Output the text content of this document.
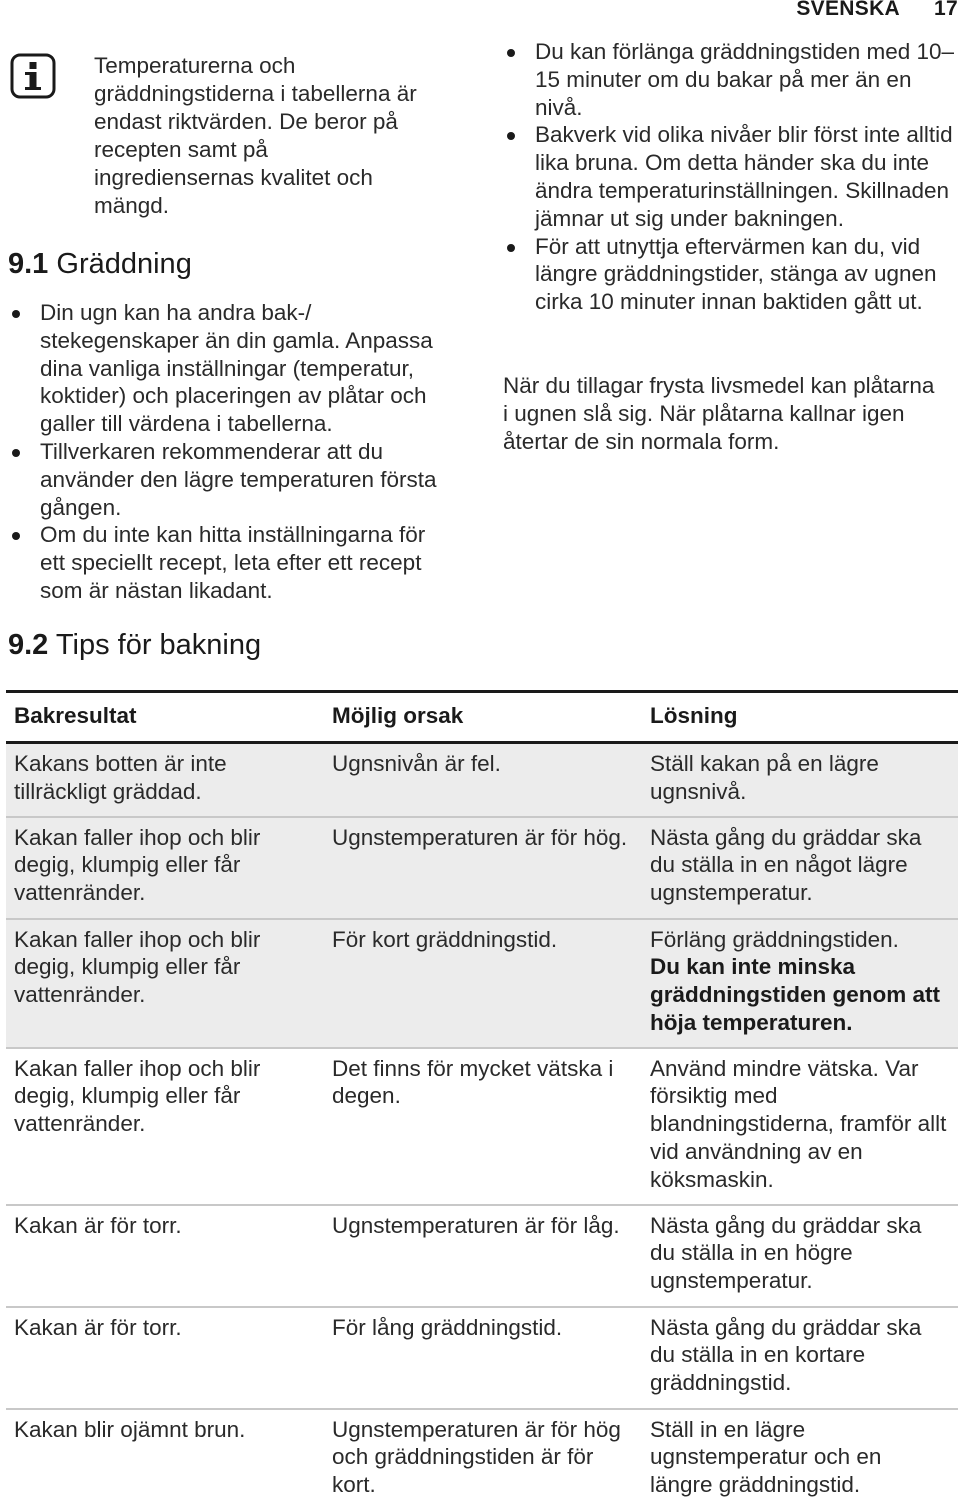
SVENSKA 17
Temperaturerna och gräddningstiderna i tabellerna är endast riktvärden. De beror på recepten samt på ingrediensernas kvalitet och mängd.
9.1 Gräddning
Din ugn kan ha andra bak-/ stekegenskaper än din gamla. Anpassa dina vanliga inställningar (temperatur, koktider) och placeringen av plåtar och galler till värdena i tabellerna.
Tillverkaren rekommenderar att du använder den lägre temperaturen första gången.
Om du inte kan hitta inställningarna för ett speciellt recept, leta efter ett recept som är nästan likadant.
Du kan förlänga gräddningstiden med 10–15 minuter om du bakar på mer än en nivå.
Bakverk vid olika nivåer blir först inte alltid lika bruna. Om detta händer ska du inte ändra temperaturinställningen. Skillnaden jämnar ut sig under bakningen.
För att utnyttja eftervärmen kan du, vid längre gräddningstider, stänga av ugnen cirka 10 minuter innan baktiden gått ut.
När du tillagar frysta livsmedel kan plåtarna i ugnen slå sig. När plåtarna kallnar igen återtar de sin normala form.
9.2 Tips för bakning
Bakresultat	Möjlig orsak	Lösning
Kakans botten är inte tillräckligt gräddad.	Ugnsnivån är fel.	Ställ kakan på en lägre ugnsnivå.
Kakan faller ihop och blir degig, klumpig eller får vattenränder.	Ugnstemperaturen är för hög.	Nästa gång du gräddar ska du ställa in en något lägre ugnstemperatur.
Kakan faller ihop och blir degig, klumpig eller får vattenränder.	För kort gräddningstid.	Förläng gräddningstiden.
Du kan inte minska gräddningstiden genom att höja temperaturen.

Kakan faller ihop och blir degig, klumpig eller får vattenränder.	Det finns för mycket vätska i degen.	Använd mindre vätska. Var försiktig med blandningstiderna, framför allt vid användning av en köksmaskin.
Kakan är för torr.	Ugnstemperaturen är för låg.	Nästa gång du gräddar ska du ställa in en högre ugnstemperatur.
Kakan är för torr.	För lång gräddningstid.	Nästa gång du gräddar ska du ställa in en kortare gräddningstid.
Kakan blir ojämnt brun.	Ugnstemperaturen är för hög och gräddningstiden är för kort.	Ställ in en lägre ugnstemperatur och en längre gräddningstid.
